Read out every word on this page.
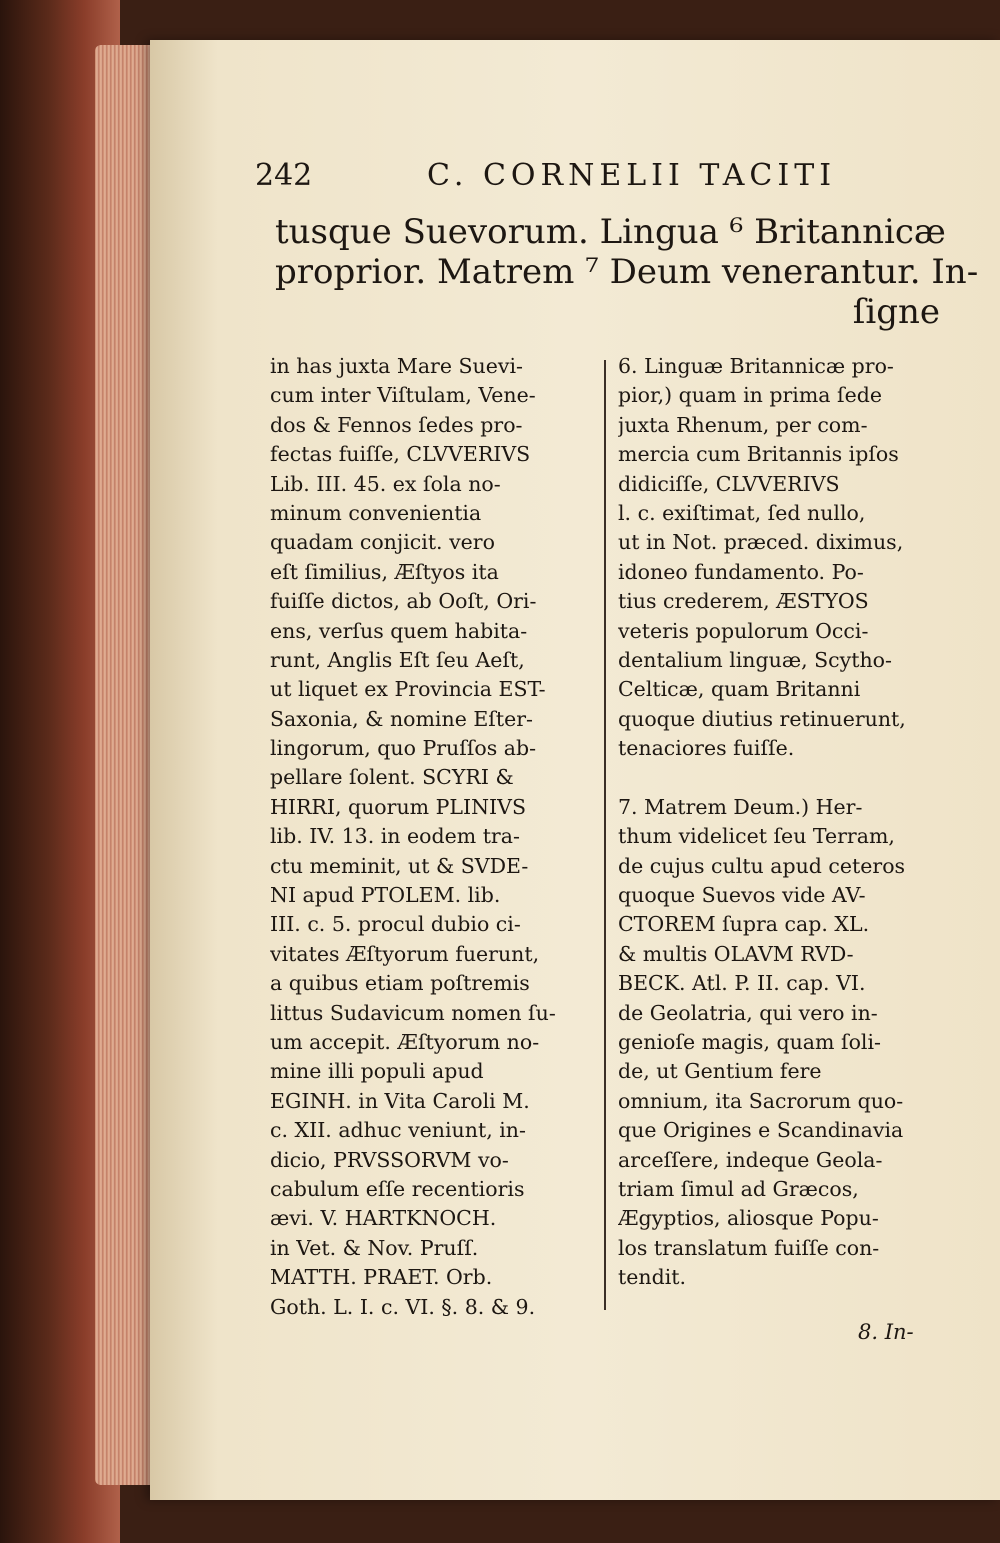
242	C. CORNELII TACITI
tusque Suevorum. Lingua ⁶ Britannicæ
proprior. Matrem ⁷ Deum venerantur. In-
ſigne
in has juxta Mare Suevi-
cum inter Viſtulam, Vene-
dos & Fennos ſedes pro-
fectas fuiſſe, CLVVERIVS
Lib. III. 45. ex ſola no-
minum convenientia
quadam conjicit. vero
eſt ſimilius, Æſtyos ita
fuiſſe dictos, ab Ooſt, Ori-
ens, verſus quem habita-
runt, Anglis Eſt ſeu Aeſt,
ut liquet ex Provincia EST-
Saxonia, & nomine Eſter-
lingorum, quo Pruſſos ab-
pellare ſolent. SCYRI &
HIRRI, quorum PLINIVS
lib. IV. 13. in eodem tra-
ctu meminit, ut & SVDE-
NI apud PTOLEM. lib.
III. c. 5. procul dubio ci-
vitates Æſtyorum fuerunt,
a quibus etiam poſtremis
littus Sudavicum nomen ſu-
um accepit. Æſtyorum no-
mine illi populi apud
EGINH. in Vita Caroli M.
c. XII. adhuc veniunt, in-
dicio, PRVSSORVM vo-
cabulum eſſe recentioris
ævi. V. HARTKNOCH.
in Vet. & Nov. Pruſſ.
MATTH. PRAET. Orb.
Goth. L. I. c. VI. §. 8. & 9.
6. Linguæ Britannicæ pro-
pior,) quam in prima ſede
juxta Rhenum, per com-
mercia cum Britannis ipſos
didiciſſe, CLVVERIVS
l. c. exiſtimat, ſed nullo,
ut in Not. præced. diximus,
idoneo fundamento. Po-
tius crederem, ÆSTYOS
veteris populorum Occi-
dentalium linguæ, Scytho-
Celticæ, quam Britanni
quoque diutius retinuerunt,
tenaciores fuiſſe.
7. Matrem Deum.) Her-
thum videlicet ſeu Terram,
de cujus cultu apud ceteros
quoque Suevos vide AV-
CTOREM ſupra cap. XL.
& multis OLAVM RVD-
BECK. Atl. P. II. cap. VI.
de Geolatria, qui vero in-
genioſe magis, quam ſoli-
de, ut Gentium fere
omnium, ita Sacrorum quo-
que Origines e Scandinavia
arceſſere, indeque Geola-
triam ſimul ad Græcos,
Ægyptios, aliosque Popu-
los translatum fuiſſe con-
tendit.
8. In-
